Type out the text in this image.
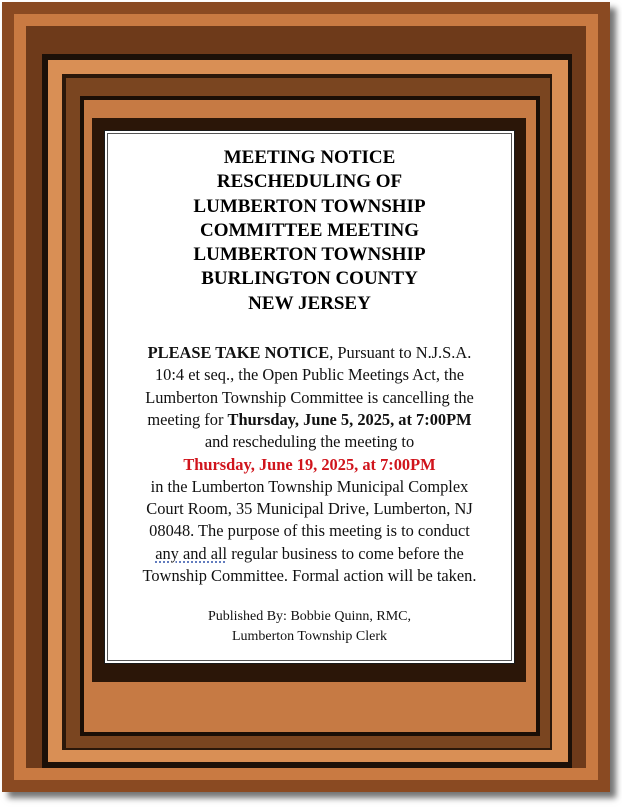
MEETING NOTICE
RESCHEDULING OF
LUMBERTON TOWNSHIP
COMMITTEE MEETING
LUMBERTON TOWNSHIP
BURLINGTON COUNTY
NEW JERSEY
PLEASE TAKE NOTICE, Pursuant to N.J.S.A.
10:4 et seq., the Open Public Meetings Act, the
Lumberton Township Committee is cancelling the
meeting for Thursday, June 5, 2025, at 7:00PM
and rescheduling the meeting to
Thursday, June 19, 2025, at 7:00PM
in the Lumberton Township Municipal Complex
Court Room, 35 Municipal Drive, Lumberton, NJ
08048. The purpose of this meeting is to conduct
any and all regular business to come before the
Township Committee. Formal action will be taken.
Published By: Bobbie Quinn, RMC,
Lumberton Township Clerk
